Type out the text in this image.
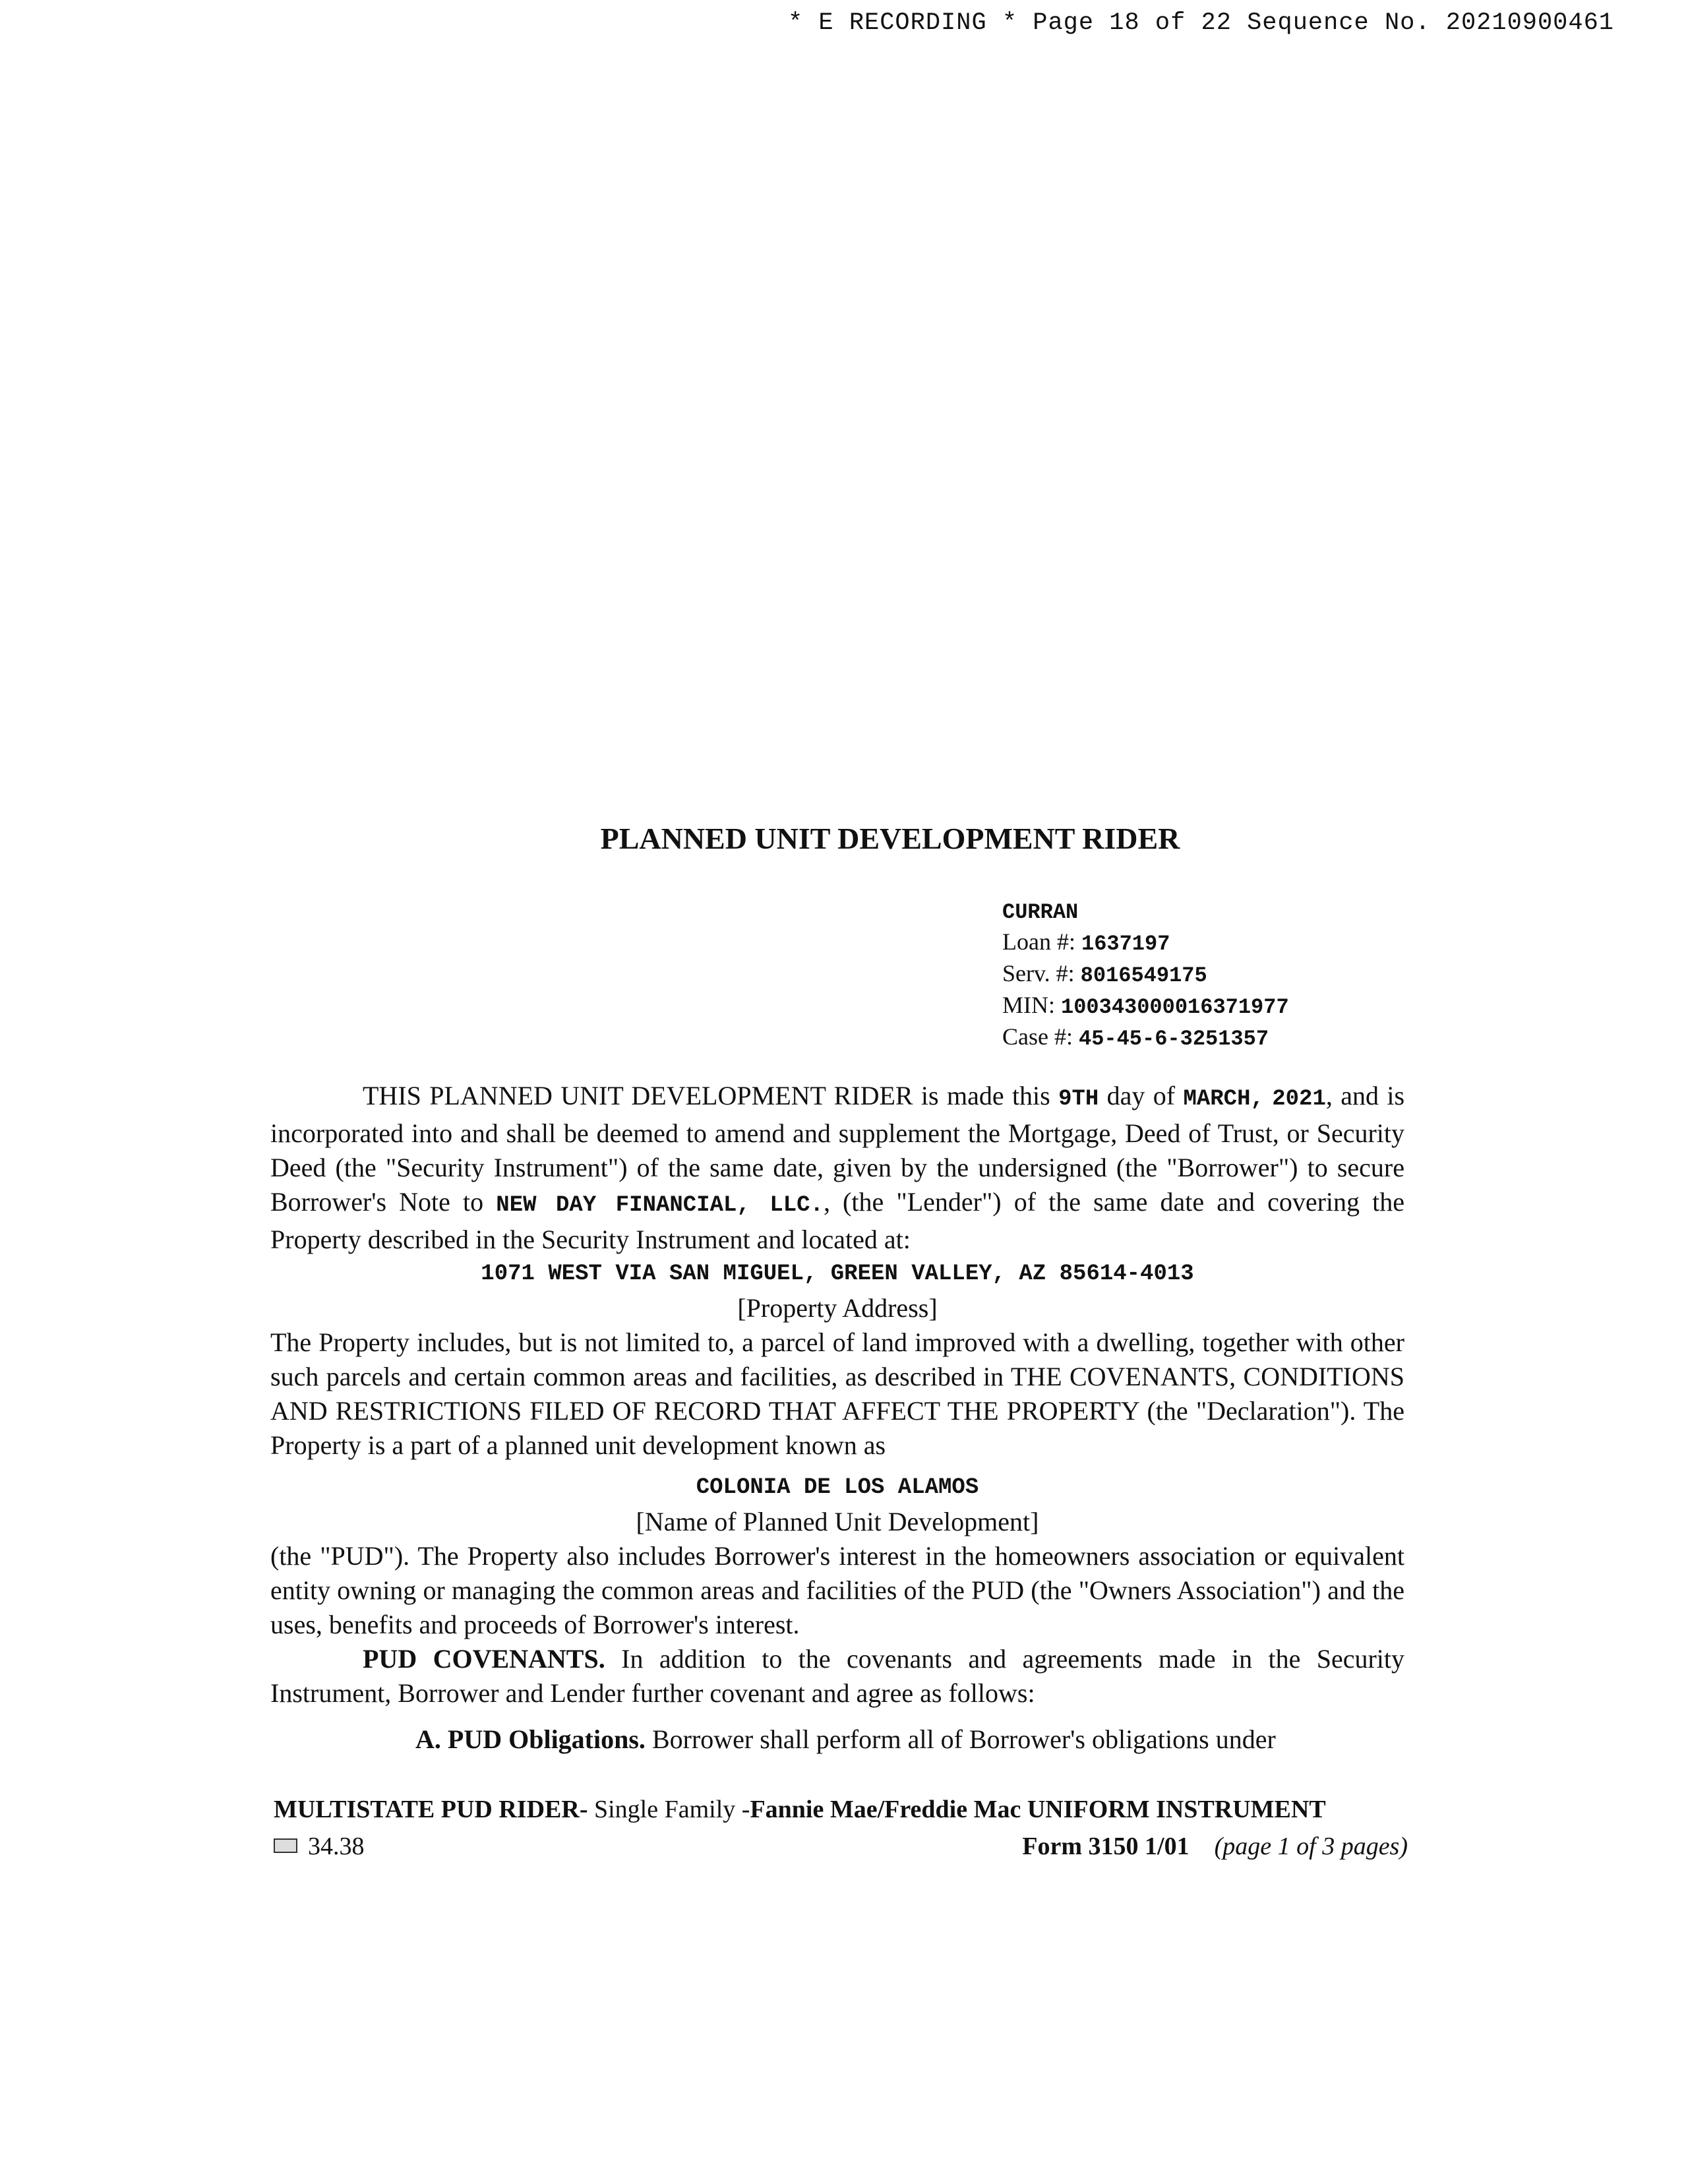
* E RECORDING * Page 18 of 22 Sequence No. 20210900461
PLANNED UNIT DEVELOPMENT RIDER
CURRAN
Loan #: 1637197
Serv. #: 8016549175
MIN: 100343000016371977
Case #: 45-45-6-3251357

THIS PLANNED UNIT DEVELOPMENT RIDER is made this 9TH day of MARCH, 2021, and is incorporated into and shall be deemed to amend and supplement the Mortgage, Deed of Trust, or Security Deed (the "Security Instrument") of the same date, given by the undersigned (the "Borrower") to secure Borrower's Note to NEW DAY FINANCIAL, LLC., (the "Lender") of the same date and covering the Property described in the Security Instrument and located at:

1071 WEST VIA SAN MIGUEL, GREEN VALLEY, AZ 85614-4013
[Property Address]

The Property includes, but is not limited to, a parcel of land improved with a dwelling, together with other such parcels and certain common areas and facilities, as described in THE COVENANTS, CONDITIONS AND RESTRICTIONS FILED OF RECORD THAT AFFECT THE PROPERTY (the "Declaration"). The Property is a part of a planned unit development known as

COLONIA DE LOS ALAMOS
[Name of Planned Unit Development]

(the "PUD"). The Property also includes Borrower's interest in the homeowners association or equivalent entity owning or managing the common areas and facilities of the PUD (the "Owners Association") and the uses, benefits and proceeds of Borrower's interest.

PUD COVENANTS. In addition to the covenants and agreements made in the Security Instrument, Borrower and Lender further covenant and agree as follows:

A. PUD Obligations. Borrower shall perform all of Borrower's obligations under

MULTISTATE PUD RIDER- Single Family -Fannie Mae/Freddie Mac UNIFORM INSTRUMENT
34.38	Form 3150 1/01 (page 1 of 3 pages)
